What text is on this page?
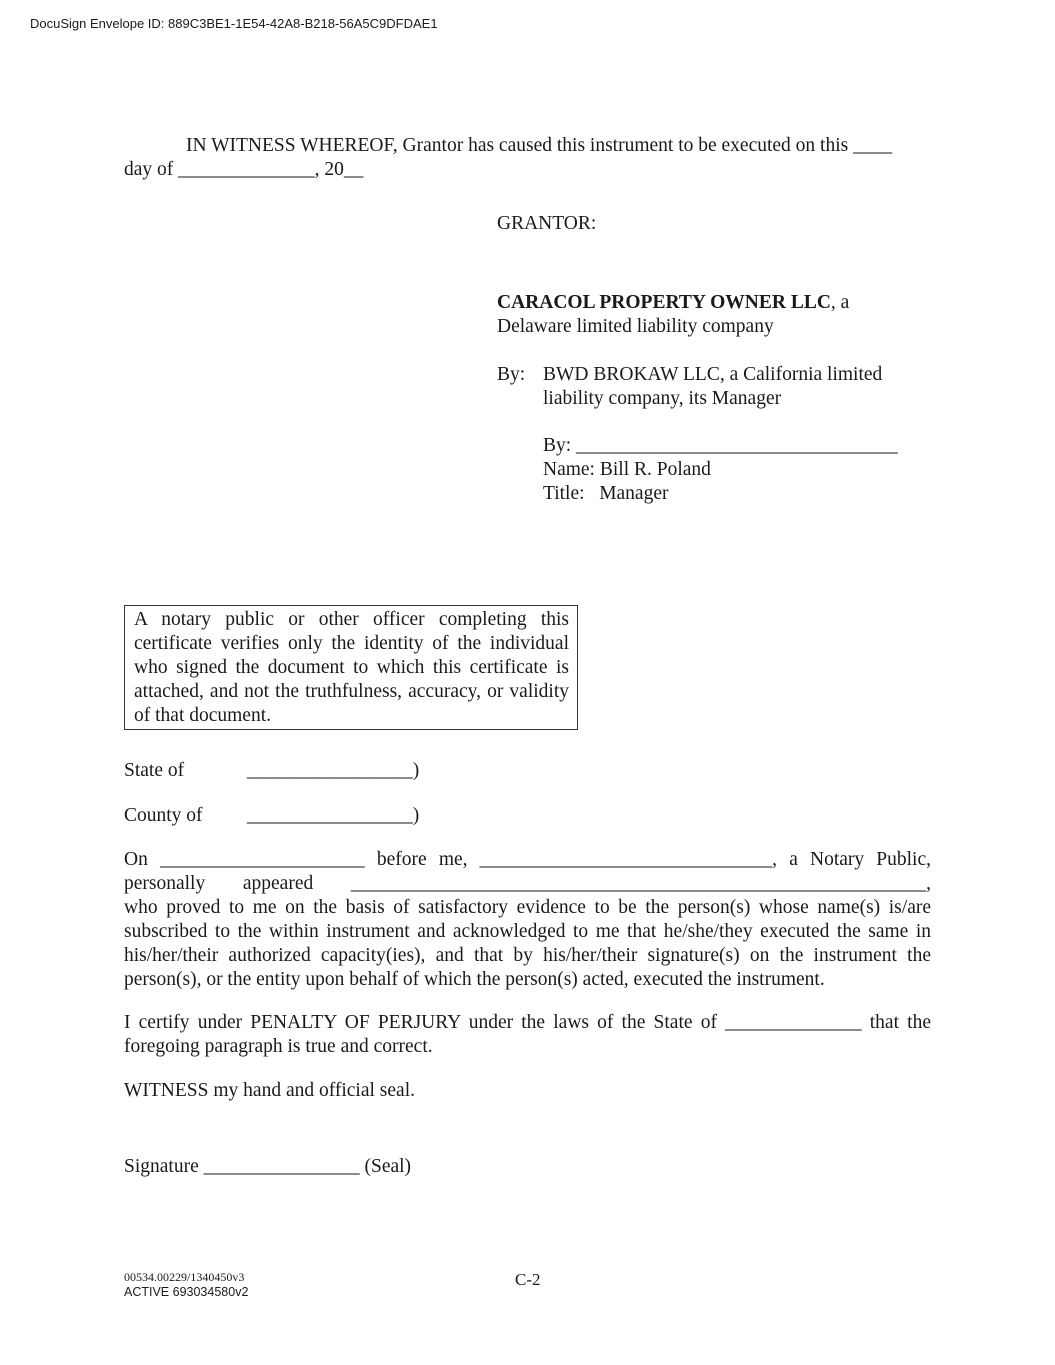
DocuSign Envelope ID: 889C3BE1-1E54-42A8-B218-56A5C9DFDAE1
IN WITNESS WHEREOF, Grantor has caused this instrument to be executed on this ____
day of ______________, 20__
GRANTOR:
CARACOL PROPERTY OWNER LLC, a
Delaware limited liability company
By: BWD BROKAW LLC, a California limited
liability company, its Manager
By: _________________________________
Name: Bill R. Poland
Title: Manager
A notary public or other officer completing this certificate verifies only the identity of the individual who signed the document to which this certificate is attached, and not the truthfulness, accuracy, or validity of that document.
State of	_________________)
County of _________________)
On _____________________ before me, ______________________________, a Notary Public,
personally appeared ___________________________________________________________,
who proved to me on the basis of satisfactory evidence to be the person(s) whose name(s) is/are subscribed to the within instrument and acknowledged to me that he/she/they executed the same in his/her/their authorized capacity(ies), and that by his/her/their signature(s) on the instrument the person(s), or the entity upon behalf of which the person(s) acted, executed the instrument.
I certify under PENALTY OF PERJURY under the laws of the State of ______________ that the foregoing paragraph is true and correct.
WITNESS my hand and official seal.
Signature ________________ (Seal)
00534.00229/1340450v3
ACTIVE 693034580v2
C-2
